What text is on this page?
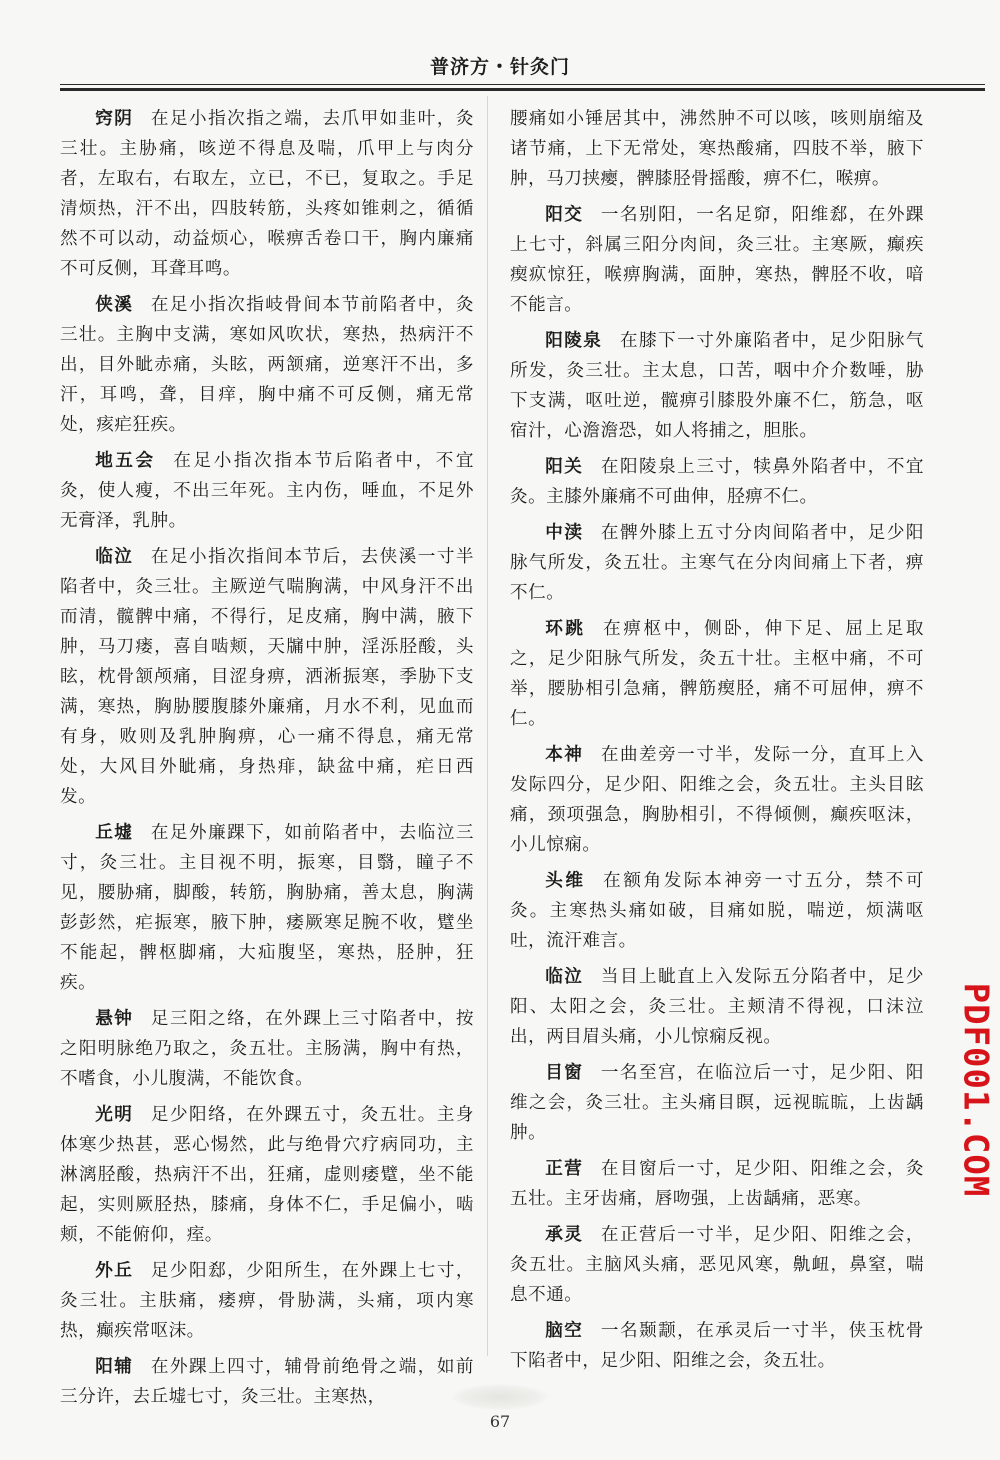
普济方・针灸门

窍阴 在足小指次指之端，去爪甲如韭叶，灸三壮。主胁痛，咳逆不得息及喘，爪甲上与肉分者，左取右，右取左，立已，不已，复取之。手足清烦热，汗不出，四肢转筋，头疼如锥刺之，循循然不可以动，动益烦心，喉痹舌卷口干，胸内廉痛不可反侧，耳聋耳鸣。

侠溪 在足小指次指岐骨间本节前陷者中，灸三壮。主胸中支满，寒如风吹状，寒热，热病汗不出，目外眦赤痛，头眩，两颔痛，逆寒汗不出，多汗，耳鸣，聋，目痒，胸中痛不可反侧，痛无常处，痎疟狂疾。

地五会 在足小指次指本节后陷者中，不宜灸，使人瘦，不出三年死。主内伤，唾血，不足外无膏泽，乳肿。

临泣 在足小指次指间本节后，去侠溪一寸半陷者中，灸三壮。主厥逆气喘胸满，中风身汗不出而清，髋髀中痛，不得行，足皮痛，胸中满，腋下肿，马刀瘘，喜自啮颊，天牖中肿，淫泺胫酸，头眩，枕骨颔颅痛，目涩身痹，洒淅振寒，季胁下支满，寒热，胸胁腰腹膝外廉痛，月水不利，见血而有身，败则及乳肿胸痹，心一痛不得息，痛无常处，大风目外眦痛，身热痱，缺盆中痛，疟日西发。

丘墟 在足外廉踝下，如前陷者中，去临泣三寸，灸三壮。主目视不明，振寒，目翳，瞳子不见，腰胁痛，脚酸，转筋，胸胁痛，善太息，胸满彭彭然，疟振寒，腋下肿，痿厥寒足腕不收，躄坐不能起，髀枢脚痛，大疝腹坚，寒热，胫肿，狂疾。

悬钟 足三阳之络，在外踝上三寸陷者中，按之阳明脉绝乃取之，灸五壮。主肠满，胸中有热，不嗜食，小儿腹满，不能饮食。

光明 足少阳络，在外踝五寸，灸五壮。主身体寒少热甚，恶心惕然，此与绝骨穴疗病同功，主淋漓胫酸，热病汗不出，狂痛，虚则痿躄，坐不能起，实则厥胫热，膝痛，身体不仁，手足偏小，啮颊，不能俯仰，痓。

外丘 足少阳郄，少阳所生，在外踝上七寸，灸三壮。主肤痛，痿痹，骨胁满，头痛，项内寒热，癫疾常呕沫。

阳辅 在外踝上四寸，辅骨前绝骨之端，如前三分许，去丘墟七寸，灸三壮。主寒热，

腰痛如小锤居其中，沸然肿不可以咳，咳则崩缩及诸节痛，上下无常处，寒热酸痛，四肢不举，腋下肿，马刀挟瘿，髀膝胫骨摇酸，痹不仁，喉痹。

阳交 一名别阳，一名足窌，阳维郄，在外踝上七寸，斜属三阳分肉间，灸三壮。主寒厥，癫疾瘈疭惊狂，喉痹胸满，面肿，寒热，髀胫不收，喑不能言。

阳陵泉 在膝下一寸外廉陷者中，足少阳脉气所发，灸三壮。主太息，口苦，咽中介介数唾，胁下支满，呕吐逆，髋痹引膝股外廉不仁，筋急，呕宿汁，心澹澹恐，如人将捕之，胆胀。

阳关 在阳陵泉上三寸，犊鼻外陷者中，不宜灸。主膝外廉痛不可曲伸，胫痹不仁。

中渎 在髀外膝上五寸分肉间陷者中，足少阳脉气所发，灸五壮。主寒气在分肉间痛上下者，痹不仁。

环跳 在痹枢中，侧卧，伸下足、屈上足取之，足少阳脉气所发，灸五十壮。主枢中痛，不可举，腰胁相引急痛，髀筋瘈胫，痛不可屈伸，痹不仁。

本神 在曲差旁一寸半，发际一分，直耳上入发际四分，足少阳、阳维之会，灸五壮。主头目眩痛，颈项强急，胸胁相引，不得倾侧，癫疾呕沫，小儿惊痫。

头维 在额角发际本神旁一寸五分，禁不可灸。主寒热头痛如破，目痛如脱，喘逆，烦满呕吐，流汗难言。

临泣 当目上眦直上入发际五分陷者中，足少阳、太阳之会，灸三壮。主颊清不得视，口沫泣出，两目眉头痛，小儿惊痫反视。

目窗 一名至宫，在临泣后一寸，足少阳、阳维之会，灸三壮。主头痛目瞑，远视䀮䀮，上齿龋肿。

正营 在目窗后一寸，足少阳、阳维之会，灸五壮。主牙齿痛，唇吻强，上齿龋痛，恶寒。

承灵 在正营后一寸半，足少阳、阳维之会，灸五壮。主脑风头痛，恶见风寒，鼽衄，鼻窒，喘息不通。

脑空 一名颞颥，在承灵后一寸半，侠玉枕骨下陷者中，足少阳、阳维之会，灸五壮。

67
PDF001.COM
